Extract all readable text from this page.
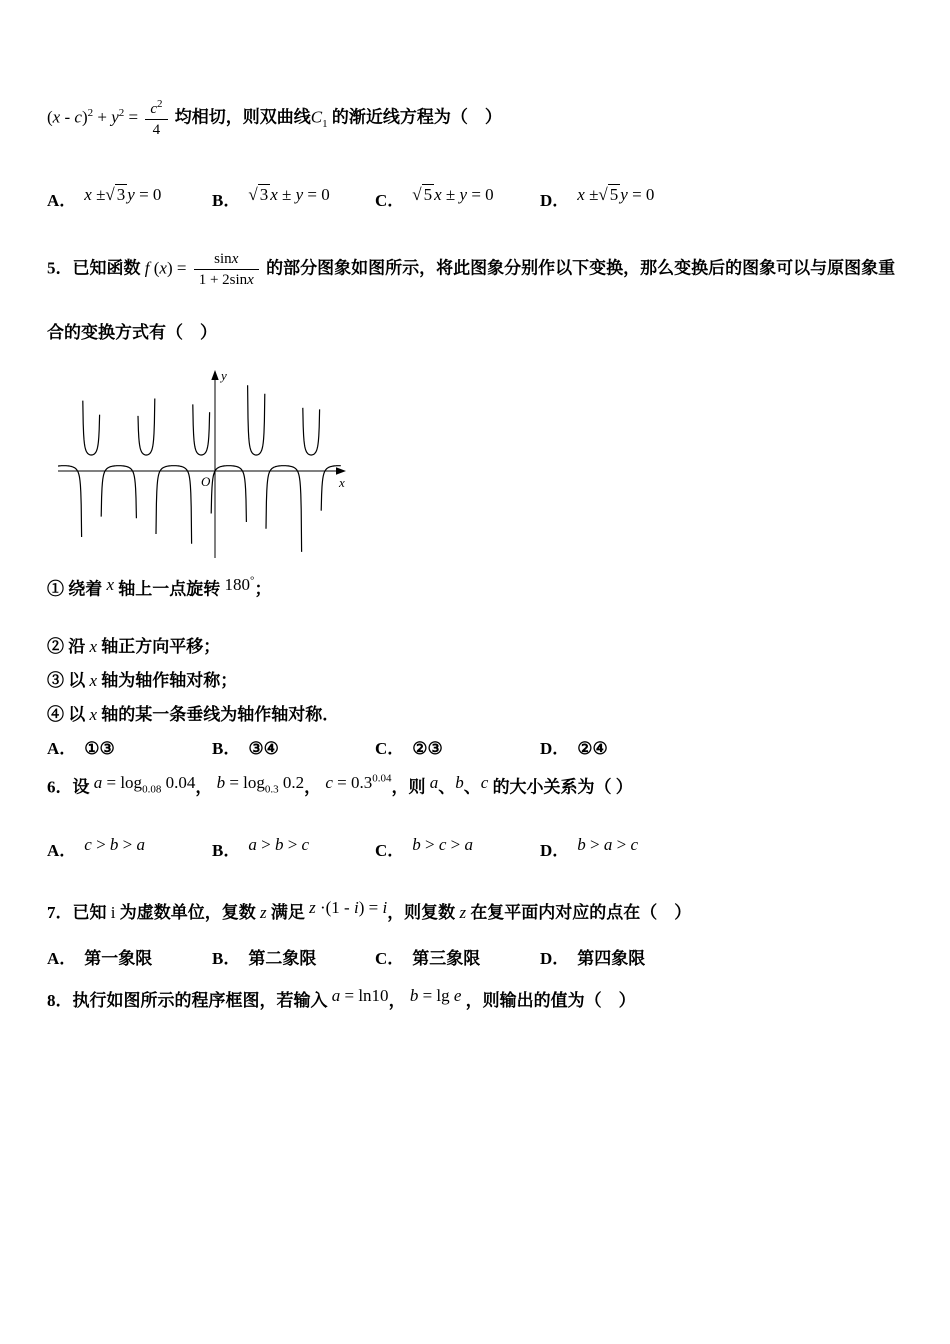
$(x - c)^2 + y^2 = \frac{c^2}{4}$ 均相切，则双曲线$C_1$ 的渐近线方程为（　）
A． x ±√ 3 y = 0	B． √ 3 x ± y = 0	C． √ 5 x ± y = 0	D． x ±√ 5 y = 0
5．已知函数 f $(x) = \frac{\sin x}{1 + 2\sin x}$ 的部分图象如图所示，将此图象分别作以下变换，那么变换后的图象可以与原图象重
合的变换方式有（　）
O	x
y
① 绕着 x 轴上一点旋转 180°；
② 沿 x 轴正方向平移；
③ 以 x 轴为轴作轴对称；
④ 以 x 轴的某一条垂线为轴作轴对称．
A． ①③	B． ③④	C． ②③	D． ②④
6．设 $a = \log_{0.08} 0.04$， $b = \log_{0.3} 0.2$， $c = 0.3^{0.04}$，则 a、b、c 的大小关系为（ ）
A． c > b > a	B． a > b > c	C． b > c > a	D． b > a > c
7．已知 i 为虚数单位，复数 z 满足 z ·(1 - i) = i，则复数 z 在复平面内对应的点在（　）
A． 第一象限	B． 第二象限	C． 第三象限	D． 第四象限
8．执行如图所示的程序框图，若输入 a = ln10， b = lg e ，则输出的值为（　）
